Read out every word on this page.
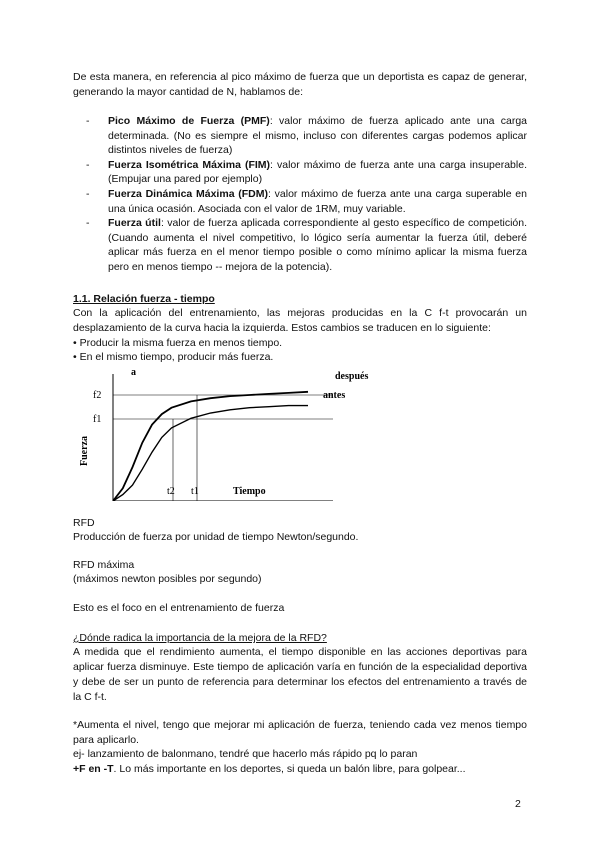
De esta manera, en referencia al pico máximo de fuerza que un deportista es capaz de generar, generando la mayor cantidad de N, hablamos de:
- Pico Máximo de Fuerza (PMF): valor máximo de fuerza aplicado ante una carga determinada. (No es siempre el mismo, incluso con diferentes cargas podemos aplicar distintos niveles de fuerza)
- Fuerza Isométrica Máxima (FIM): valor máximo de fuerza ante una carga insuperable. (Empujar una pared por ejemplo)
- Fuerza Dinámica Máxima (FDM): valor máximo de fuerza ante una carga superable en una única ocasión. Asociada con el valor de 1RM, muy variable.
- Fuerza útil: valor de fuerza aplicada correspondiente al gesto específico de competición. (Cuando aumenta el nivel competitivo, lo lógico sería aumentar la fuerza útil, deberé aplicar más fuerza en el menor tiempo posible o como mínimo aplicar la misma fuerza pero en menos tiempo -- mejora de la potencia).
1.1. Relación fuerza - tiempo
Con la aplicación del entrenamiento, las mejoras producidas en la C f-t provocarán un desplazamiento de la curva hacia la izquierda. Estos cambios se traducen en lo siguiente:
• Producir la misma fuerza en menos tiempo.
• En el mismo tiempo, producir más fuerza.
f2
f1
t2 t1	Tiempo
Fuerza
a	después
antes
RFD
Producción de fuerza por unidad de tiempo Newton/segundo.
RFD máxima
(máximos newton posibles por segundo)
Esto es el foco en el entrenamiento de fuerza
¿Dónde radica la importancia de la mejora de la RFD?
A medida que el rendimiento aumenta, el tiempo disponible en las acciones deportivas para aplicar fuerza disminuye. Este tiempo de aplicación varía en función de la especialidad deportiva y debe de ser un punto de referencia para determinar los efectos del entrenamiento a través de la C f-t.
*Aumenta el nivel, tengo que mejorar mi aplicación de fuerza, teniendo cada vez menos tiempo para aplicarlo.
ej- lanzamiento de balonmano, tendré que hacerlo más rápido pq lo paran
+F en -T. Lo más importante en los deportes, si queda un balón libre, para golpear...
2
